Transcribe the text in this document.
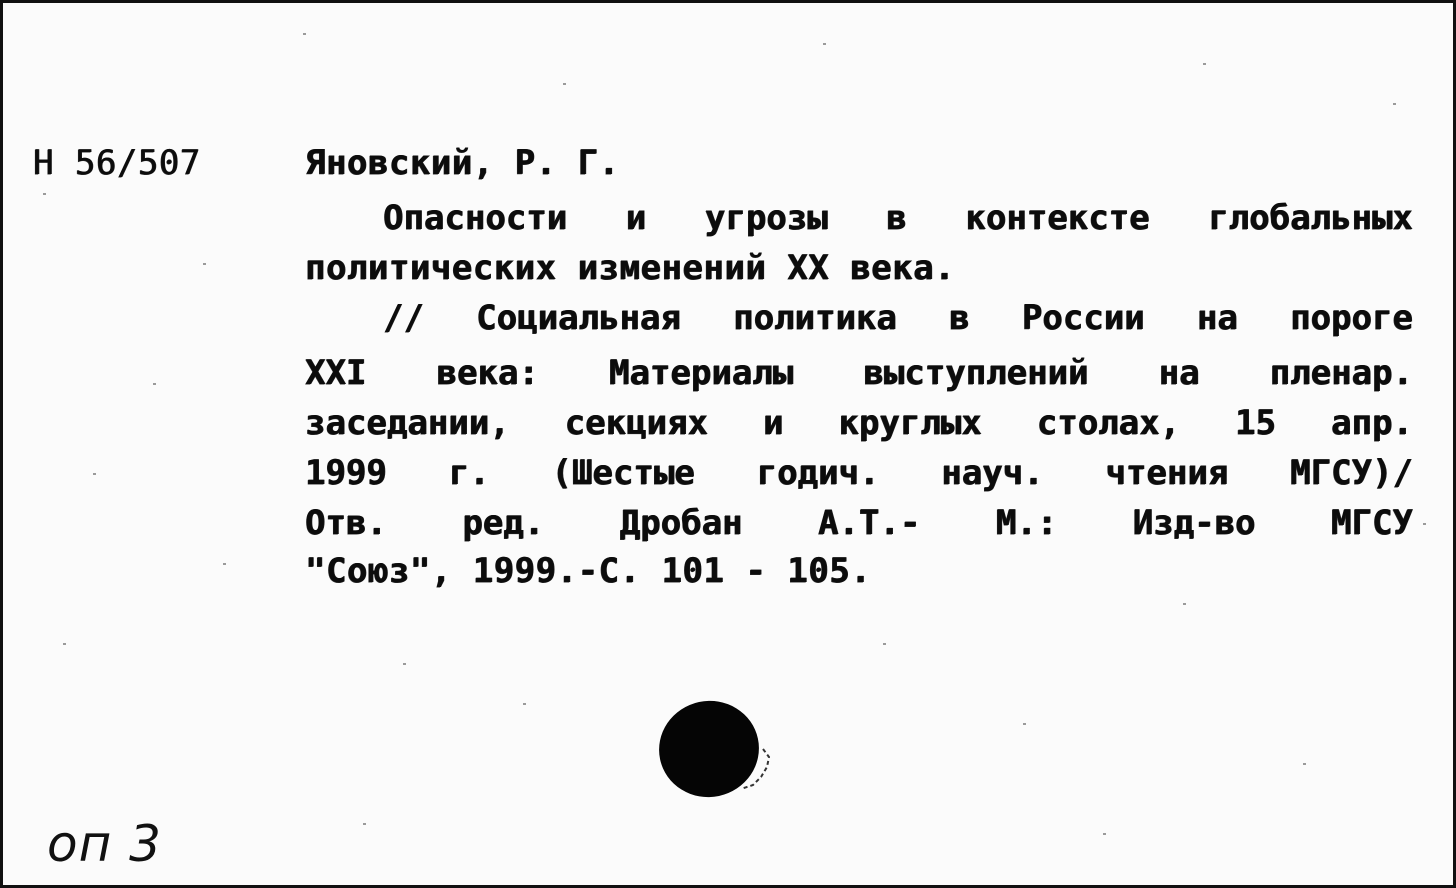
Н 56/507	Яновский, Р. Г.
Опасности и угрозы в контексте глобальных
политических изменений XX века.
// Социальная политика в России на пороге
XXI века: Материалы выступлений на пленар.
заседании, секциях и круглых столах, 15 апр.
1999 г. (Шестые годич. науч. чтения МГСУ)/
Отв. ред. Дробан А.Т.- М.: Изд-во МГСУ
"Союз", 1999.-С. 101 - 105.
оп 3
